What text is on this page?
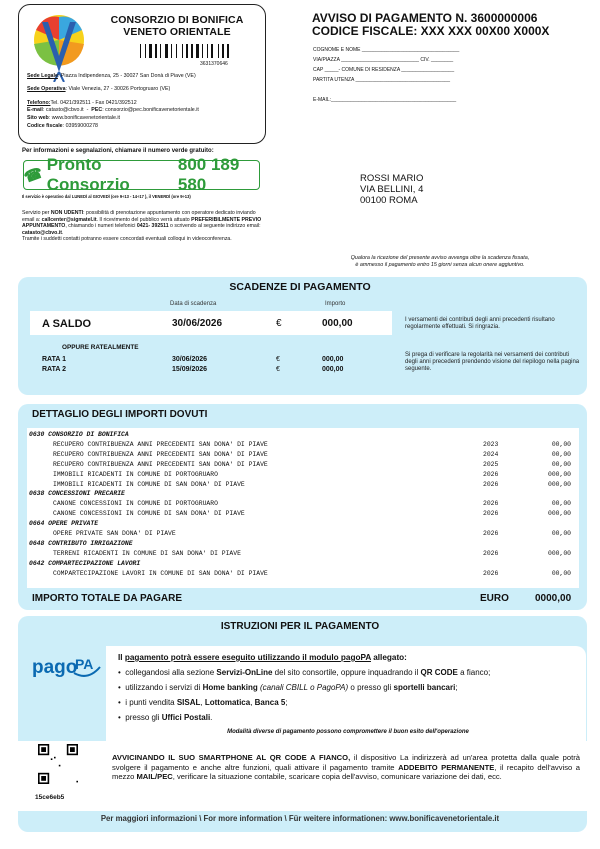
CONSORZIO DI BONIFICA
VENETO ORIENTALE
3631370646
Sede Legale: Piazza Indipendenza, 25 - 30027 San Donà di Piave (VE)
Sede Operativa: Viale Venezia, 27 - 30026 Portogruaro (VE)
Telefono:Tel. 0421/392511 - Fax 0421/392512
E-mail: catasto@cbvo.it  -  PEC: consorzio@pec.bonificavenetorientale.it
Sito web: www.bonificavenetorientale.it
Codice fiscale: 03959000278
AVVISO DI PAGAMENTO N. 3600000006
CODICE FISCALE: XXX XXX 00X00 X000X
COGNOME E NOME ___________________________________
VIA/PIAZZA ____________________________ CIV. ________
CAP _____- COMUNE DI RESIDENZA ___________________
PARTITA UTENZA __________________________________
E-MAIL:_____________________________________________
Per informazioni e segnalazioni, chiamare il numero verde gratuito:
☎ Pronto Consorzio
800 189 580
Il servizio è operativo dal LUNEDÌ al GIOVEDÌ (ore 9÷13 - 14÷17 ), il VENERDÌ (ore 9÷13)
Servizio per NON UDENTI: possibilità di prenotazione appuntamento con operatore dedicato inviando email a: callcenter@sigmatel.it. Il ricevimento del pubblico verrà attuato PREFERIBILMENTE PREVIO APPUNTAMENTO, chiamando i numeri telefonici 0421- 392511 o scrivendo al seguente indirizzo email: catasto@cbvo.it.
Tramite i suddetti contatti potranno essere concordati eventuali colloqui in videoconferenza.
ROSSI MARIO
VIA BELLINI, 4
00100 ROMA
Qualora la ricezione del presente avviso avvenga oltre la scadenza fissata,
è ammesso il pagamento entro 15 giorni senza alcun onere aggiuntivo.
SCADENZE DI PAGAMENTO
Data di scadenza	Importo
A SALDO	30/06/2026	€	000,00	I versamenti dei contributi degli anni precedenti risultano regolarmente effettuati. Si ringrazia.
OPPURE RATEALMENTE
RATA 1	30/06/2026	€	000,00
RATA 2	15/09/2026	€	000,00
Si prega di verificare la regolarità nei versamenti dei contributi degli anni precedenti prendendo visione del riepilogo nella pagina seguente.
DETTAGLIO DEGLI IMPORTI DOVUTI
0630 CONSORZIO DI BONIFICA
RECUPERO CONTRIBUENZA ANNI PRECEDENTI SAN DONA' DI PIAVE	2023	00,00
RECUPERO CONTRIBUENZA ANNI PRECEDENTI SAN DONA' DI PIAVE	2024	00,00
RECUPERO CONTRIBUENZA ANNI PRECEDENTI SAN DONA' DI PIAVE	2025	00,00
IMMOBILI RICADENTI IN COMUNE DI PORTOGRUARO	2026	000,00
IMMOBILI RICADENTI IN COMUNE DI SAN DONA' DI PIAVE	2026	000,00
0638 CONCESSIONI PRECARIE
CANONE CONCESSIONI IN COMUNE DI PORTOGRUARO	2026	00,00
CANONE CONCESSIONI IN COMUNE DI SAN DONA' DI PIAVE	2026	000,00
0664 OPERE PRIVATE
OPERE PRIVATE SAN DONA' DI PIAVE	2026	00,00
0648 CONTRIBUTO IRRIGAZIONE
TERRENI RICADENTI IN COMUNE DI SAN DONA' DI PIAVE	2026	000,00
0642 COMPARTECIPAZIONE LAVORI
COMPARTECIPAZIONE LAVORI IN COMUNE DI SAN DONA' DI PIAVE	2026	00,00
IMPORTO TOTALE DA PAGARE	EURO	0000,00
ISTRUZIONI PER IL PAGAMENTO
pago
PA	Il pagamento potrà essere eseguito utilizzando il modulo pagoPA allegato:
•  collegandosi alla sezione Servizi-OnLine del sito consortile, oppure inquadrando il QR CODE a fianco;
•  utilizzando i servizi di Home banking (canali CBILL o PagoPA) o presso gli sportelli bancari;
•  i punti vendita SISAL, Lottomatica, Banca 5;
•  presso gli Uffici Postali.
Modalità diverse di pagamento possono compromettere il buon esito dell'operazione
15ce6eb5
AVVICINANDO IL SUO SMARTPHONE AL QR CODE A FIANCO, il dispositivo La indirizzerà ad un'area protetta dalla quale potrà svolgere il pagamento e anche altre funzioni, quali attivare il pagamento tramite ADDEBITO PERMANENTE, il recapito dell'avviso a mezzo MAIL/PEC, verificare la situazione contabile, scaricare copia dell'avviso, comunicare variazione dei dati, ecc.
Per maggiori informazioni \ For more information \ Für weitere informationen: www.bonificavenetorientale.it
